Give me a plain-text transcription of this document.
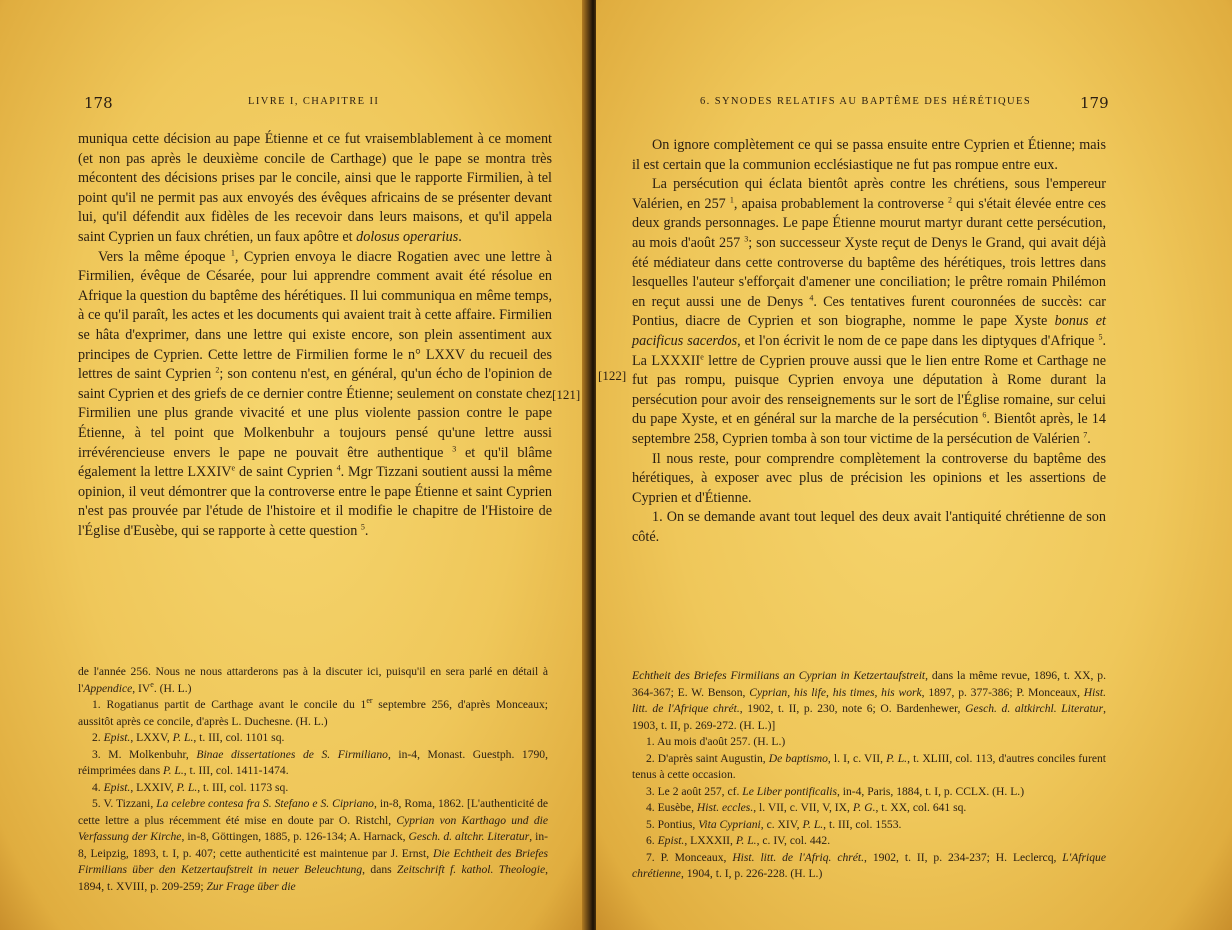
178	LIVRE I, CHAPITRE II

muniqua cette décision au pape Étienne et ce fut vraisemblablement à ce moment (et non pas après le deuxième concile de Carthage) que le pape se montra très mécontent des décisions prises par le concile, ainsi que le rapporte Firmilien, à tel point qu'il ne permit pas aux envoyés des évêques africains de se présenter devant lui, qu'il défendit aux fidèles de les recevoir dans leurs maisons, et qu'il appela saint Cyprien un faux chrétien, un faux apôtre et dolosus operarius.

Vers la même époque $^1$, Cyprien envoya le diacre Rogatien avec une lettre à Firmilien, évêque de Césarée, pour lui apprendre comment avait été résolue en Afrique la question du baptême des hérétiques. Il lui communiqua en même temps, à ce qu'il paraît, les actes et les documents qui avaient trait à cette affaire. Firmilien se hâta d'exprimer, dans une lettre qui existe encore, son plein assentiment aux principes de Cyprien. Cette lettre de Firmilien forme le n° LXXV du recueil des lettres de saint Cyprien $^2$; son contenu n'est, en général, qu'un écho de l'opinion de saint Cyprien et des griefs de ce dernier contre Étienne; seulement on constate chez Firmilien une plus grande vivacité et une plus violente passion contre le pape Étienne, à tel point que Molkenbuhr a toujours pensé qu'une lettre aussi irrévérencieuse envers le pape ne pouvait être authentique $^3$ et qu'il blâme également la lettre LXXIVe de saint Cyprien $^4$. Mgr Tizzani soutient aussi la même opinion, il veut démontrer que la controverse entre le pape Étienne et saint Cyprien n'est pas prouvée par l'étude de l'histoire et il modifie le chapitre de l'Histoire de l'Église d'Eusèbe, qui se rapporte à cette question $^5$.

de l'année 256. Nous ne nous attarderons pas à la discuter ici, puisqu'il en sera parlé en détail à l'Appendice, IVe. (H. L.)

1. Rogatianus partit de Carthage avant le concile du 1er septembre 256, d'après Monceaux; aussitôt après ce concile, d'après L. Duchesne. (H. L.)

2. Epist., LXXV, P. L., t. III, col. 1101 sq.

3. M. Molkenbuhr, Binae dissertationes de S. Firmiliano, in-4, Monast. Guestph. 1790, réimprimées dans P. L., t. III, col. 1411-1474.

4. Epist., LXXIV, P. L., t. III, col. 1173 sq.

5. V. Tizzani, La celebre contesa fra S. Stefano e S. Cipriano, in-8, Roma, 1862. [L'authenticité de cette lettre a plus récemment été mise en doute par O. Ristchl, Cyprian von Karthago und die Verfassung der Kirche, in-8, Göttingen, 1885, p. 126-134; A. Harnack, Gesch. d. altchr. Literatur, in-8, Leipzig, 1893, t. I, p. 407; cette authenticité est maintenue par J. Ernst, Die Echtheit des Briefes Firmilians über den Ketzertaufstreit in neuer Beleuchtung, dans Zeitschrift f. kathol. Theologie, 1894, t. XVIII, p. 209-259; Zur Frage über die

[121]
6. SYNODES RELATIFS AU BAPTÊME DES HÉRÉTIQUES	179
[122]

On ignore complètement ce qui se passa ensuite entre Cyprien et Étienne; mais il est certain que la communion ecclésiastique ne fut pas rompue entre eux.

La persécution qui éclata bientôt après contre les chrétiens, sous l'empereur Valérien, en 257 $^1$, apaisa probablement la controverse $^2$ qui s'était élevée entre ces deux grands personnages. Le pape Étienne mourut martyr durant cette persécution, au mois d'août 257 $^3$; son successeur Xyste reçut de Denys le Grand, qui avait déjà été médiateur dans cette controverse du baptême des hérétiques, trois lettres dans lesquelles l'auteur s'efforçait d'amener une conciliation; le prêtre romain Philémon en reçut aussi une de Denys $^4$. Ces tentatives furent couronnées de succès: car Pontius, diacre de Cyprien et son biographe, nomme le pape Xyste bonus et pacificus sacerdos, et l'on écrivit le nom de ce pape dans les diptyques d'Afrique $^5$. La LXXXIIe lettre de Cyprien prouve aussi que le lien entre Rome et Carthage ne fut pas rompu, puisque Cyprien envoya une députation à Rome durant la persécution pour avoir des renseignements sur le sort de l'Église romaine, sur celui du pape Xyste, et en général sur la marche de la persécution $^6$. Bientôt après, le 14 septembre 258, Cyprien tomba à son tour victime de la persécution de Valérien $^7$.

Il nous reste, pour comprendre complètement la controverse du baptême des hérétiques, à exposer avec plus de précision les opinions et les assertions de Cyprien et d'Étienne.

1. On se demande avant tout lequel des deux avait l'antiquité chrétienne de son côté.

Echtheit des Briefes Firmilians an Cyprian in Ketzertaufstreit, dans la même revue, 1896, t. XX, p. 364-367; E. W. Benson, Cyprian, his life, his times, his work, 1897, p. 377-386; P. Monceaux, Hist. litt. de l'Afrique chrét., 1902, t. II, p. 230, note 6; O. Bardenhewer, Gesch. d. altkirchl. Literatur, 1903, t. II, p. 269-272. (H. L.)]

1. Au mois d'août 257. (H. L.)

2. D'après saint Augustin, De baptismo, l. I, c. VII, P. L., t. XLIII, col. 113, d'autres conciles furent tenus à cette occasion.

3. Le 2 août 257, cf. Le Liber pontificalis, in-4, Paris, 1884, t. I, p. CCLX. (H. L.)

4. Eusèbe, Hist. eccles., l. VII, c. VII, V, IX, P. G., t. XX, col. 641 sq.

5. Pontius, Vita Cypriani, c. XIV, P. L., t. III, col. 1553.

6. Epist., LXXXII, P. L., c. IV, col. 442.

7. P. Monceaux, Hist. litt. de l'Afriq. chrét., 1902, t. II, p. 234-237; H. Leclercq, L'Afrique chrétienne, 1904, t. I, p. 226-228. (H. L.)
